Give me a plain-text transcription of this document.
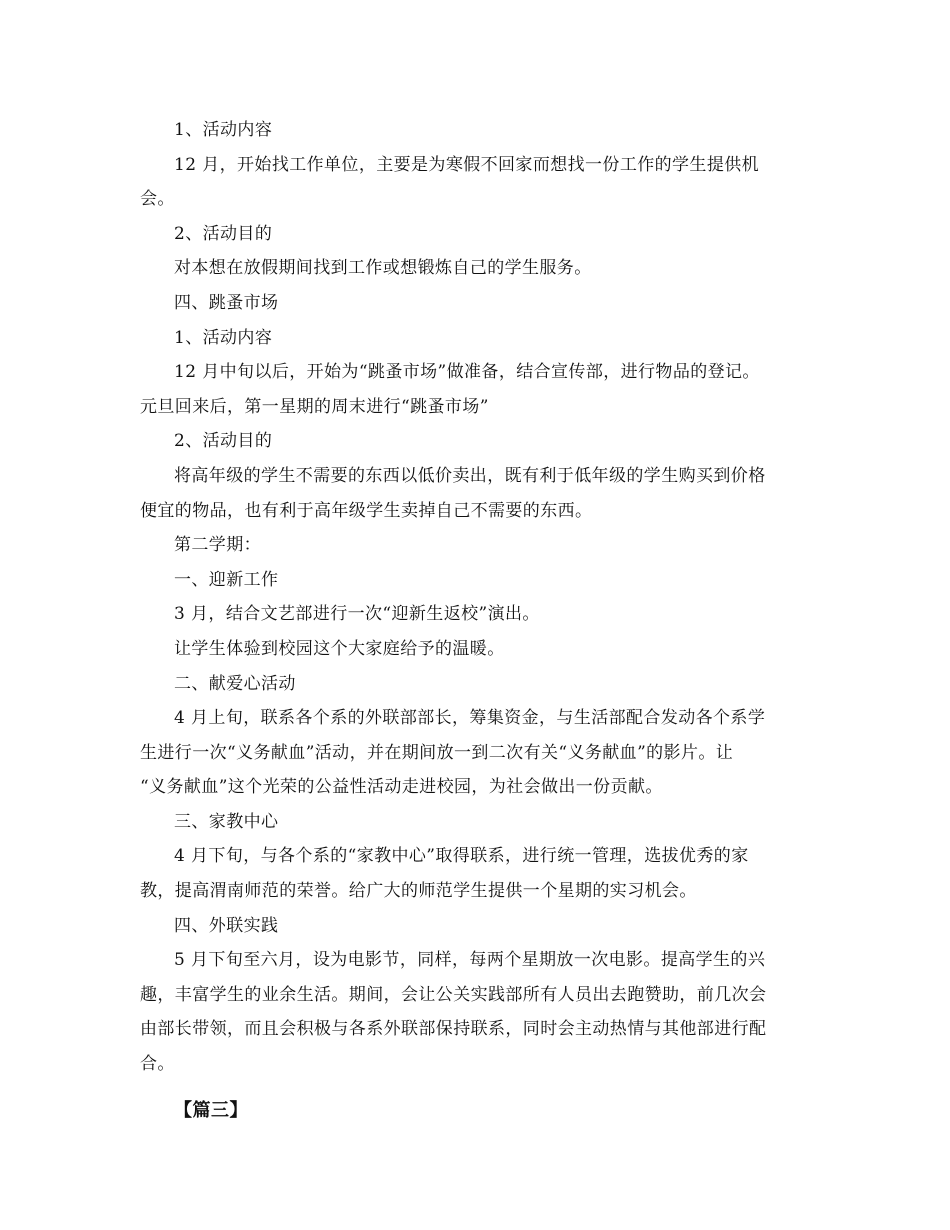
1、活动内容
12 月，开始找工作单位，主要是为寒假不回家而想找一份工作的学生提供机
会。
2、活动目的
对本想在放假期间找到工作或想锻炼自己的学生服务。
四、跳蚤市场
1、活动内容
12 月中旬以后，开始为“跳蚤市场”做准备，结合宣传部，进行物品的登记。
元旦回来后，第一星期的周末进行“跳蚤市场”
2、活动目的
将高年级的学生不需要的东西以低价卖出，既有利于低年级的学生购买到价格
便宜的物品，也有利于高年级学生卖掉自己不需要的东西。
第二学期：
一、迎新工作
3 月，结合文艺部进行一次“迎新生返校”演出。
让学生体验到校园这个大家庭给予的温暖。
二、献爱心活动
4 月上旬，联系各个系的外联部部长，筹集资金，与生活部配合发动各个系学
生进行一次“义务献血”活动，并在期间放一到二次有关“义务献血”的影片。让
“义务献血”这个光荣的公益性活动走进校园，为社会做出一份贡献。
三、家教中心
4 月下旬，与各个系的“家教中心”取得联系，进行统一管理，选拔优秀的家
教，提高渭南师范的荣誉。给广大的师范学生提供一个星期的实习机会。
四、外联实践
5 月下旬至六月，设为电影节，同样，每两个星期放一次电影。提高学生的兴
趣，丰富学生的业余生活。期间，会让公关实践部所有人员出去跑赞助，前几次会
由部长带领，而且会积极与各系外联部保持联系，同时会主动热情与其他部进行配
合。
【篇三】
